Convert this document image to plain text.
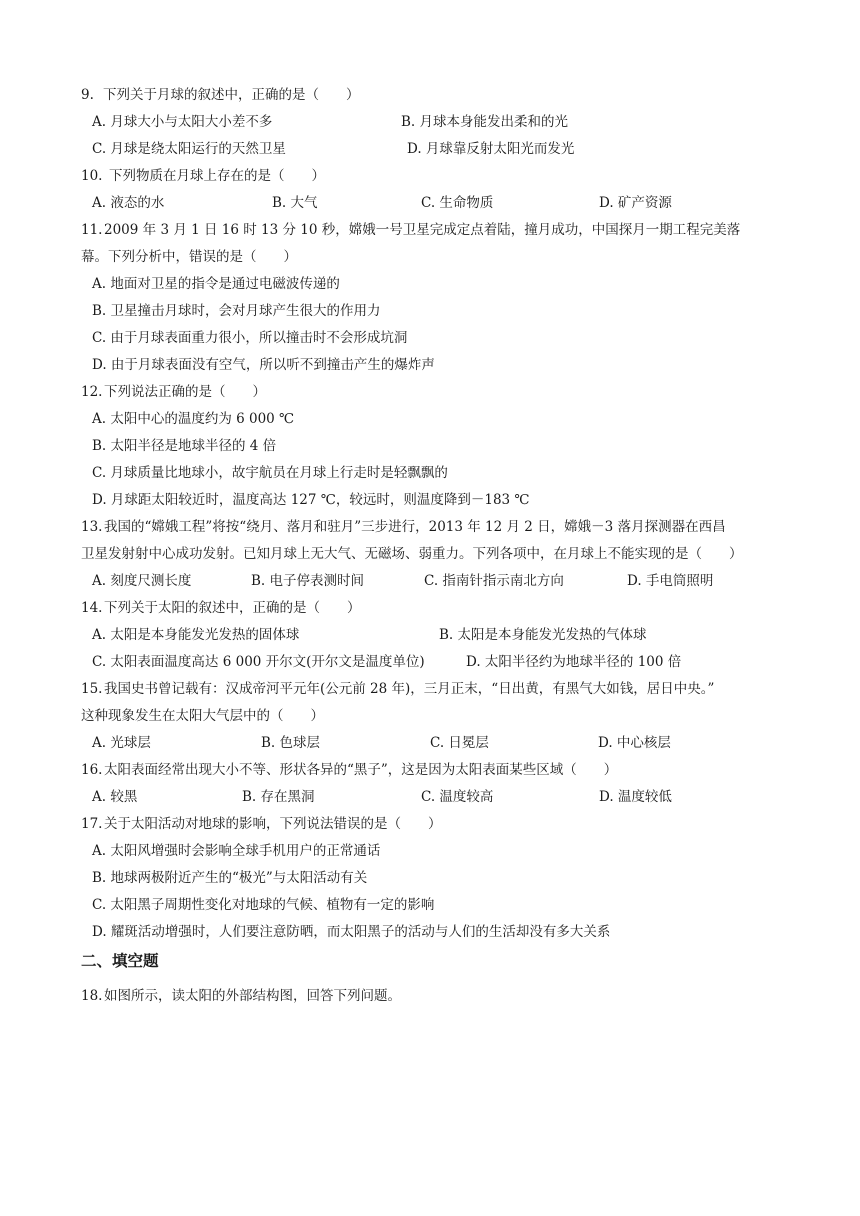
9. 下列关于月球的叙述中，正确的是（　　）
A. 月球大小与太阳大小差不多	B. 月球本身能发出柔和的光
C. 月球是绕太阳运行的天然卫星	D. 月球靠反射太阳光而发光
10. 下列物质在月球上存在的是（　　）
A. 液态的水	B. 大气	C. 生命物质	D. 矿产资源
11. 2009 年 3 月 1 日 16 时 13 分 10 秒，嫦娥一号卫星完成定点着陆，撞月成功，中国探月一期工程完美落
幕。下列分析中，错误的是（　　）
A. 地面对卫星的指令是通过电磁波传递的
B. 卫星撞击月球时，会对月球产生很大的作用力
C. 由于月球表面重力很小，所以撞击时不会形成坑洞
D. 由于月球表面没有空气，所以听不到撞击产生的爆炸声
12. 下列说法正确的是（　　）
A. 太阳中心的温度约为 6 000 ℃
B. 太阳半径是地球半径的 4 倍
C. 月球质量比地球小，故宇航员在月球上行走时是轻飘飘的
D. 月球距太阳较近时，温度高达 127 ℃，较远时，则温度降到－183 ℃
13. 我国的“嫦娥工程”将按“绕月、落月和驻月”三步进行，2013 年 12 月 2 日，嫦娥－3 落月探测器在西昌
卫星发射射中心成功发射。已知月球上无大气、无磁场、弱重力。下列各项中，在月球上不能实现的是（　　）
A. 刻度尺测长度	B. 电子停表测时间	C. 指南针指示南北方向	D. 手电筒照明
14. 下列关于太阳的叙述中，正确的是（　　）
A. 太阳是本身能发光发热的固体球	B. 太阳是本身能发光发热的气体球
C. 太阳表面温度高达 6 000 开尔文(开尔文是温度单位)	D. 太阳半径约为地球半径的 100 倍
15. 我国史书曾记载有：汉成帝河平元年(公元前 28 年)，三月正末，“日出黄，有黑气大如钱，居日中央。”
这种现象发生在太阳大气层中的（　　）
A. 光球层	B. 色球层	C. 日冕层	D. 中心核层
16. 太阳表面经常出现大小不等、形状各异的“黑子”，这是因为太阳表面某些区域（　　）
A. 较黑	B. 存在黑洞	C. 温度较高	D. 温度较低
17. 关于太阳活动对地球的影响，下列说法错误的是（　　）
A. 太阳风增强时会影响全球手机用户的正常通话
B. 地球两极附近产生的“极光”与太阳活动有关
C. 太阳黑子周期性变化对地球的气候、植物有一定的影响
D. 耀斑活动增强时，人们要注意防晒，而太阳黑子的活动与人们的生活却没有多大关系
二、填空题
18. 如图所示，读太阳的外部结构图，回答下列问题。
